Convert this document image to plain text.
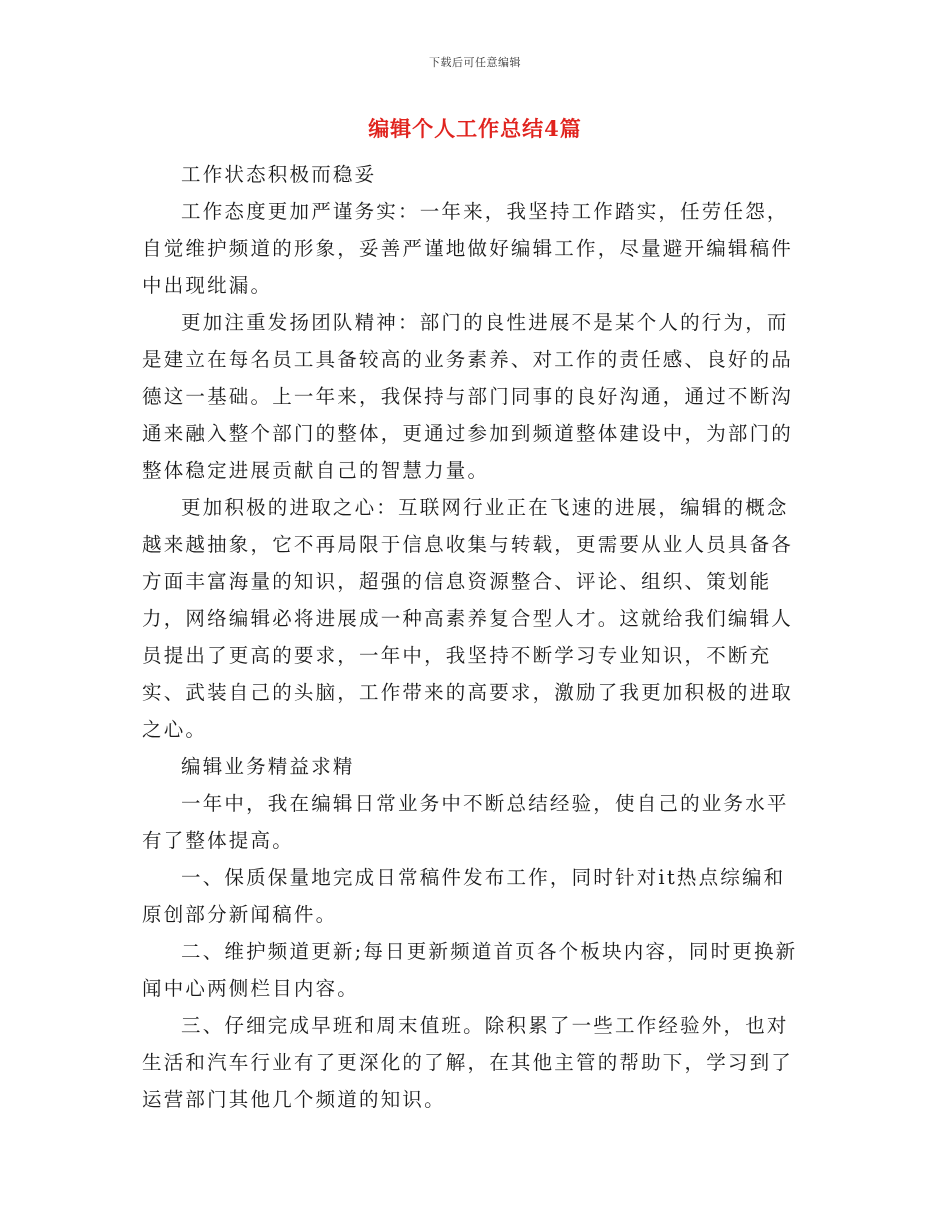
下载后可任意编辑
编辑个人工作总结4篇

工作状态积极而稳妥

工作态度更加严谨务实：一年来，我坚持工作踏实，任劳任怨，自觉维护频道的形象，妥善严谨地做好编辑工作，尽量避开编辑稿件中出现纰漏。

更加注重发扬团队精神：部门的良性进展不是某个人的行为，而是建立在每名员工具备较高的业务素养、对工作的责任感、良好的品德这一基础。上一年来，我保持与部门同事的良好沟通，通过不断沟通来融入整个部门的整体，更通过参加到频道整体建设中，为部门的整体稳定进展贡献自己的智慧力量。

更加积极的进取之心：互联网行业正在飞速的进展，编辑的概念越来越抽象，它不再局限于信息收集与转载，更需要从业人员具备各方面丰富海量的知识，超强的信息资源整合、评论、组织、策划能力，网络编辑必将进展成一种高素养复合型人才。这就给我们编辑人员提出了更高的要求，一年中，我坚持不断学习专业知识，不断充实、武装自己的头脑，工作带来的高要求，激励了我更加积极的进取之心。

编辑业务精益求精

一年中，我在编辑日常业务中不断总结经验，使自己的业务水平有了整体提高。

一、保质保量地完成日常稿件发布工作，同时针对it热点综编和原创部分新闻稿件。

二、维护频道更新;每日更新频道首页各个板块内容，同时更换新闻中心两侧栏目内容。

三、仔细完成早班和周末值班。除积累了一些工作经验外，也对生活和汽车行业有了更深化的了解，在其他主管的帮助下，学习到了运营部门其他几个频道的知识。
